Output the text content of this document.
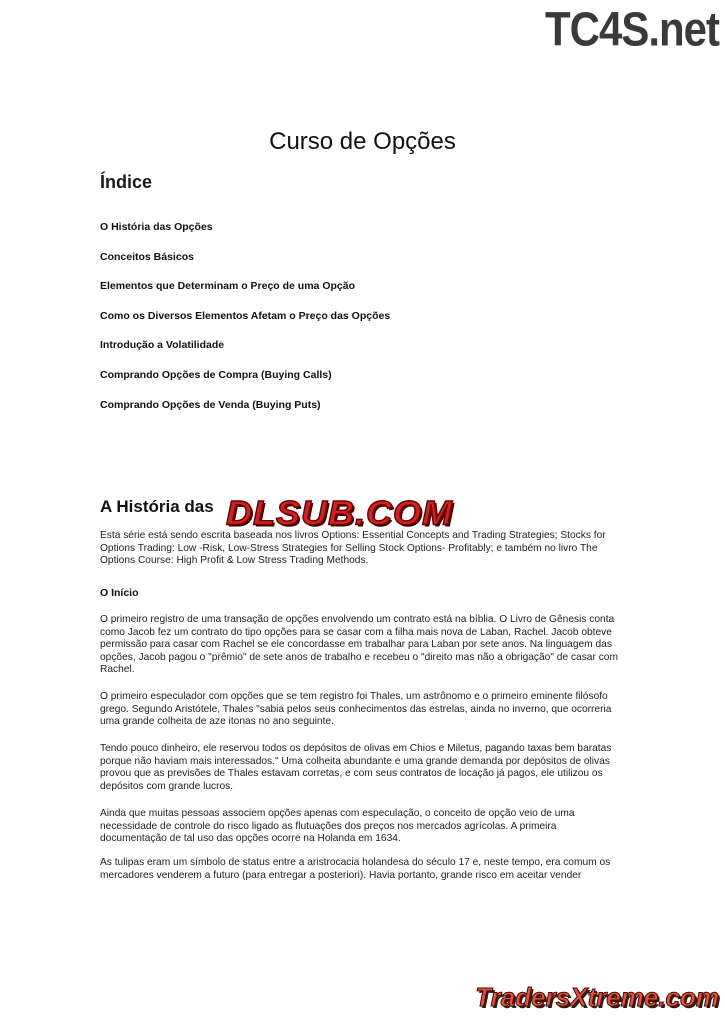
TC4S.net
Curso de Opções
Índice
O História das Opções
Conceitos Básicos
Elementos que Determinam o Preço de uma Opção
Como os Diversos Elementos Afetam o Preço das Opções
Introdução a Volatilidade
Comprando Opções de Compra (Buying Calls)
Comprando Opções de Venda (Buying Puts)
A História das DLSUB.COM

Esta série está sendo escrita baseada nos livros Options: Essential Concepts and Trading Strategies; Stocks for Options Trading: Low -Risk, Low-Stress Strategies for Selling Stock Options- Profitably; e também no livro The Options Course: High Profit & Low Stress Trading Methods.

O Início

O primeiro registro de uma transação de opções envolvendo um contrato está na bíblia. O Livro de Gênesis conta como Jacob fez um contrato do tipo opções para se casar com a filha mais nova de Laban, Rachel. Jacob obteve permissão para casar com Rachel se ele concordasse em trabalhar para Laban por sete anos. Na linguagem das opções, Jacob pagou o "prêmio" de sete anos de trabalho e recebeu o "direito mas não a obrigação" de casar com Rachel.

O primeiro especulador com opções que se tem registro foi Thales, um astrônomo e o primeiro eminente filósofo grego. Segundo Aristótele, Thales "sabia pelos seus conhecimentos das estrelas, ainda no inverno, que ocorreria uma grande colheita de aze itonas no ano seguinte.

Tendo pouco dinheiro, ele reservou todos os depósitos de olivas em Chios e Miletus, pagando taxas bem baratas porque não haviam mais interessados." Uma colheita abundante e uma grande demanda por depósitos de olivas provou que as previsões de Thales estavam corretas, e com seus contratos de locação já pagos, ele utilizou os depósitos com grande lucros.

Ainda que muitas pessoas associem opções apenas com especulação, o conceito de opção veio de uma necessidade de controle do risco ligado as flutuações dos preços nos mercados agrícolas. A primeira documentação de tal uso das opções ocorre na Holanda em 1634.

As tulipas eram um símbolo de status entre a aristrocacia holandesa do século 17 e, neste tempo, era comum os mercadores venderem a futuro (para entregar a posteriori). Havia portanto, grande risco em aceitar vender

TradersXtreme.com
